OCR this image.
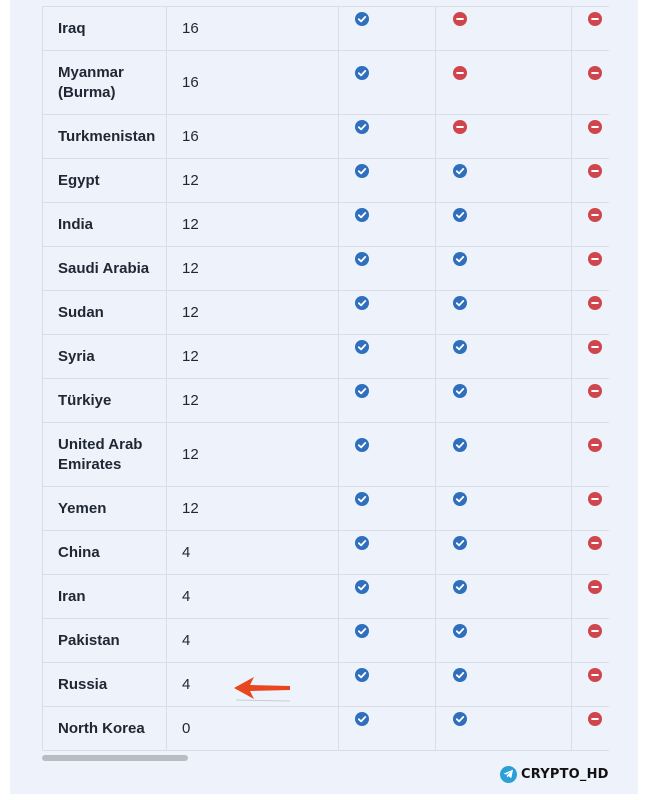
Iraq	16	

Myanmar
(Burma)	16	

Turkmenistan	16	

Egypt	12	

India	12	

Saudi Arabia	12	

Sudan	12	

Syria	12	

Türkiye	12	

United Arab
Emirates	12	

Yemen	12	

China	4	

Iran	4	

Pakistan	4	

Russia	4	

North Korea	0	

CRYPTO_HD
